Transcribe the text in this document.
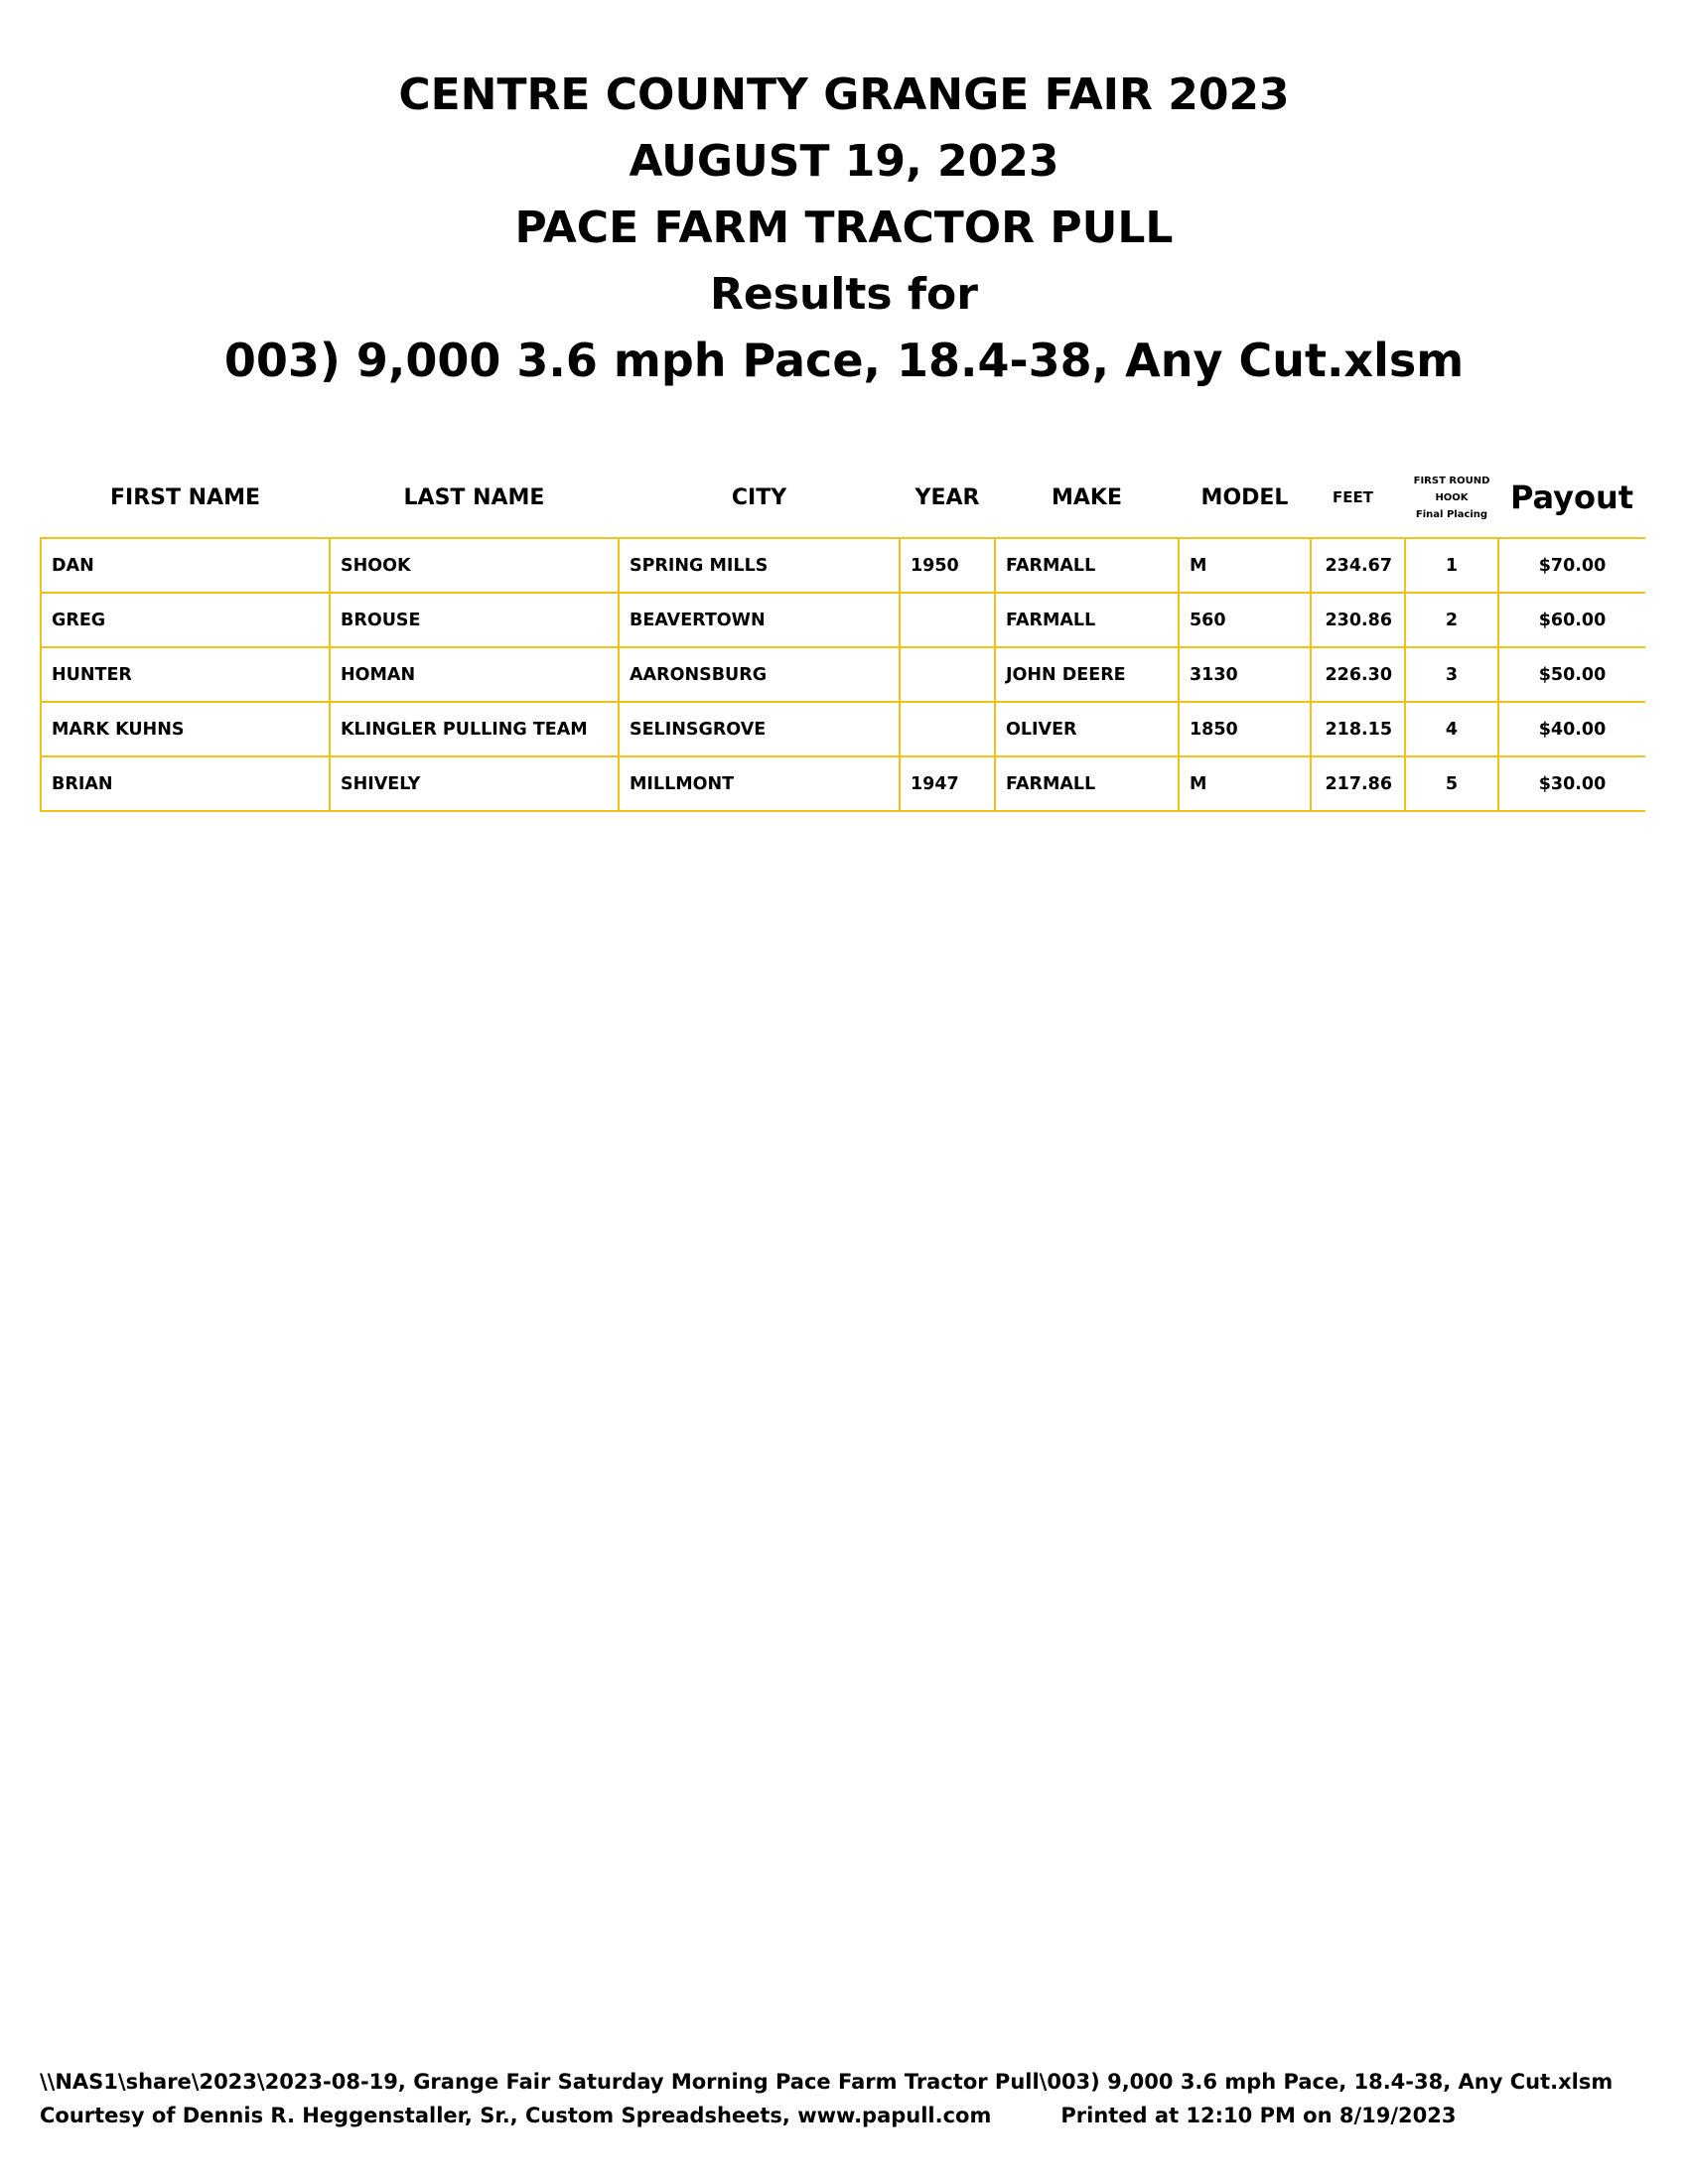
CENTRE COUNTY GRANGE FAIR 2023
AUGUST 19, 2023
PACE FARM TRACTOR PULL
Results for
003) 9,000 3.6 mph Pace, 18.4-38, Any Cut.xlsm
FIRST NAME	LAST NAME	CITY	YEAR	MAKE	MODEL	FEET	FIRST ROUND
HOOK
Final Placing	Payout
DAN	SHOOK	SPRING MILLS	1950	FARMALL	M	234.67	1	$70.00
GREG	BROUSE	BEAVERTOWN		FARMALL	560	230.86	2	$60.00
HUNTER	HOMAN	AARONSBURG		JOHN DEERE	3130	226.30	3	$50.00
MARK KUHNS	KLINGLER PULLING TEAM	SELINSGROVE		OLIVER	1850	218.15	4	$40.00
BRIAN	SHIVELY	MILLMONT	1947	FARMALL	M	217.86	5	$30.00
\\NAS1\share\2023\2023-08-19, Grange Fair Saturday Morning Pace Farm Tractor Pull\003) 9,000 3.6 mph Pace, 18.4-38, Any Cut.xlsm
Courtesy of Dennis R. Heggenstaller, Sr., Custom Spreadsheets, www.papull.com	Printed at 12:10 PM on 8/19/2023
